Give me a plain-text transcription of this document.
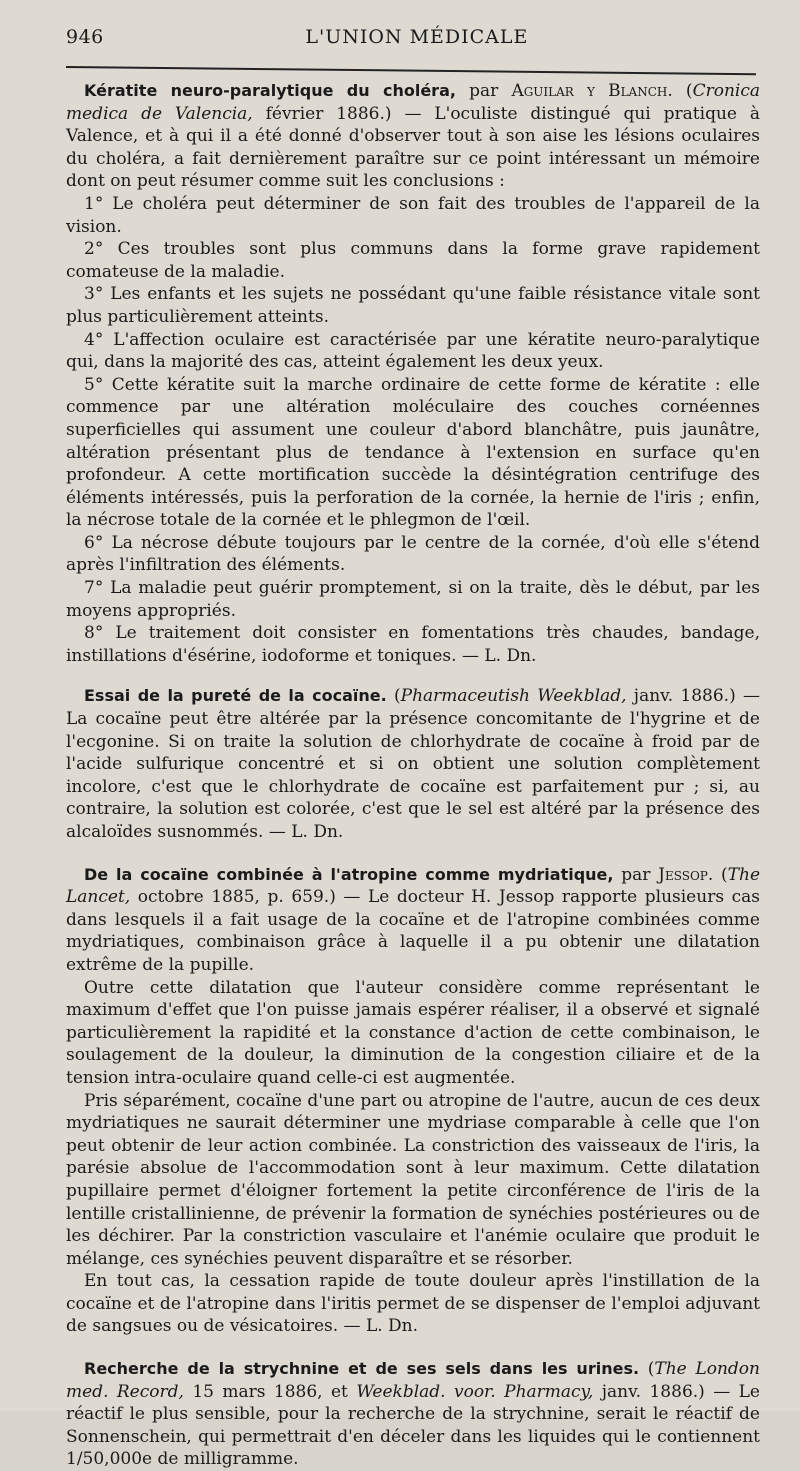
946	L'UNION MÉDICALE

Kératite neuro-paralytique du choléra, par Aguilar y Blanch. (Cronica medica de Valencia, février 1886.) — L'oculiste distingué qui pratique à Valence, et à qui il a été donné d'observer tout à son aise les lésions oculaires du choléra, a fait dernièrement paraître sur ce point intéressant un mémoire dont on peut résumer comme suit les conclusions :

1° Le choléra peut déterminer de son fait des troubles de l'appareil de la vision.

2° Ces troubles sont plus communs dans la forme grave rapidement comateuse de la maladie.

3° Les enfants et les sujets ne possédant qu'une faible résistance vitale sont plus particulièrement atteints.

4° L'affection oculaire est caractérisée par une kératite neuro-paralytique qui, dans la majorité des cas, atteint également les deux yeux.

5° Cette kératite suit la marche ordinaire de cette forme de kératite : elle commence par une altération moléculaire des couches cornéennes superficielles qui assument une couleur d'abord blanchâtre, puis jaunâtre, altération présentant plus de tendance à l'extension en surface qu'en profondeur. A cette mortification succède la désintégration centrifuge des éléments intéressés, puis la perforation de la cornée, la hernie de l'iris ; enfin, la nécrose totale de la cornée et le phlegmon de l'œil.

6° La nécrose débute toujours par le centre de la cornée, d'où elle s'étend après l'infiltration des éléments.

7° La maladie peut guérir promptement, si on la traite, dès le début, par les moyens appropriés.

8° Le traitement doit consister en fomentations très chaudes, bandage, instillations d'ésérine, iodoforme et toniques. — L. Dn.

Essai de la pureté de la cocaïne. (Pharmaceutish Weekblad, janv. 1886.) — La cocaïne peut être altérée par la présence concomitante de l'hygrine et de l'ecgonine. Si on traite la solution de chlorhydrate de cocaïne à froid par de l'acide sulfurique concentré et si on obtient une solution complètement incolore, c'est que le chlorhydrate de cocaïne est parfaitement pur ; si, au contraire, la solution est colorée, c'est que le sel est altéré par la présence des alcaloïdes susnommés. — L. Dn.

De la cocaïne combinée à l'atropine comme mydriatique, par Jessop. (The Lancet, octobre 1885, p. 659.) — Le docteur H. Jessop rapporte plusieurs cas dans lesquels il a fait usage de la cocaïne et de l'atropine combinées comme mydriatiques, combinaison grâce à laquelle il a pu obtenir une dilatation extrême de la pupille.

Outre cette dilatation que l'auteur considère comme représentant le maximum d'effet que l'on puisse jamais espérer réaliser, il a observé et signalé particulièrement la rapidité et la constance d'action de cette combinaison, le soulagement de la douleur, la diminution de la congestion ciliaire et de la tension intra-oculaire quand celle-ci est augmentée.

Pris séparément, cocaïne d'une part ou atropine de l'autre, aucun de ces deux mydriatiques ne saurait déterminer une mydriase comparable à celle que l'on peut obtenir de leur action combinée. La constriction des vaisseaux de l'iris, la parésie absolue de l'accommodation sont à leur maximum. Cette dilatation pupillaire permet d'éloigner fortement la petite circonférence de l'iris de la lentille cristallinienne, de prévenir la formation de synéchies postérieures ou de les déchirer. Par la constriction vasculaire et l'anémie oculaire que produit le mélange, ces synéchies peuvent disparaître et se résorber.

En tout cas, la cessation rapide de toute douleur après l'instillation de la cocaïne et de l'atropine dans l'iritis permet de se dispenser de l'emploi adjuvant de sangsues ou de vésicatoires. — L. Dn.

Recherche de la strychnine et de ses sels dans les urines. (The London med. Record, 15 mars 1886, et Weekblad. voor. Pharmacy, janv. 1886.) — Le réactif le plus sensible, pour la recherche de la strychnine, serait le réactif de Sonnenschein, qui permettrait d'en déceler dans les liquides qui le contiennent 1/50,000e de milligramme.
